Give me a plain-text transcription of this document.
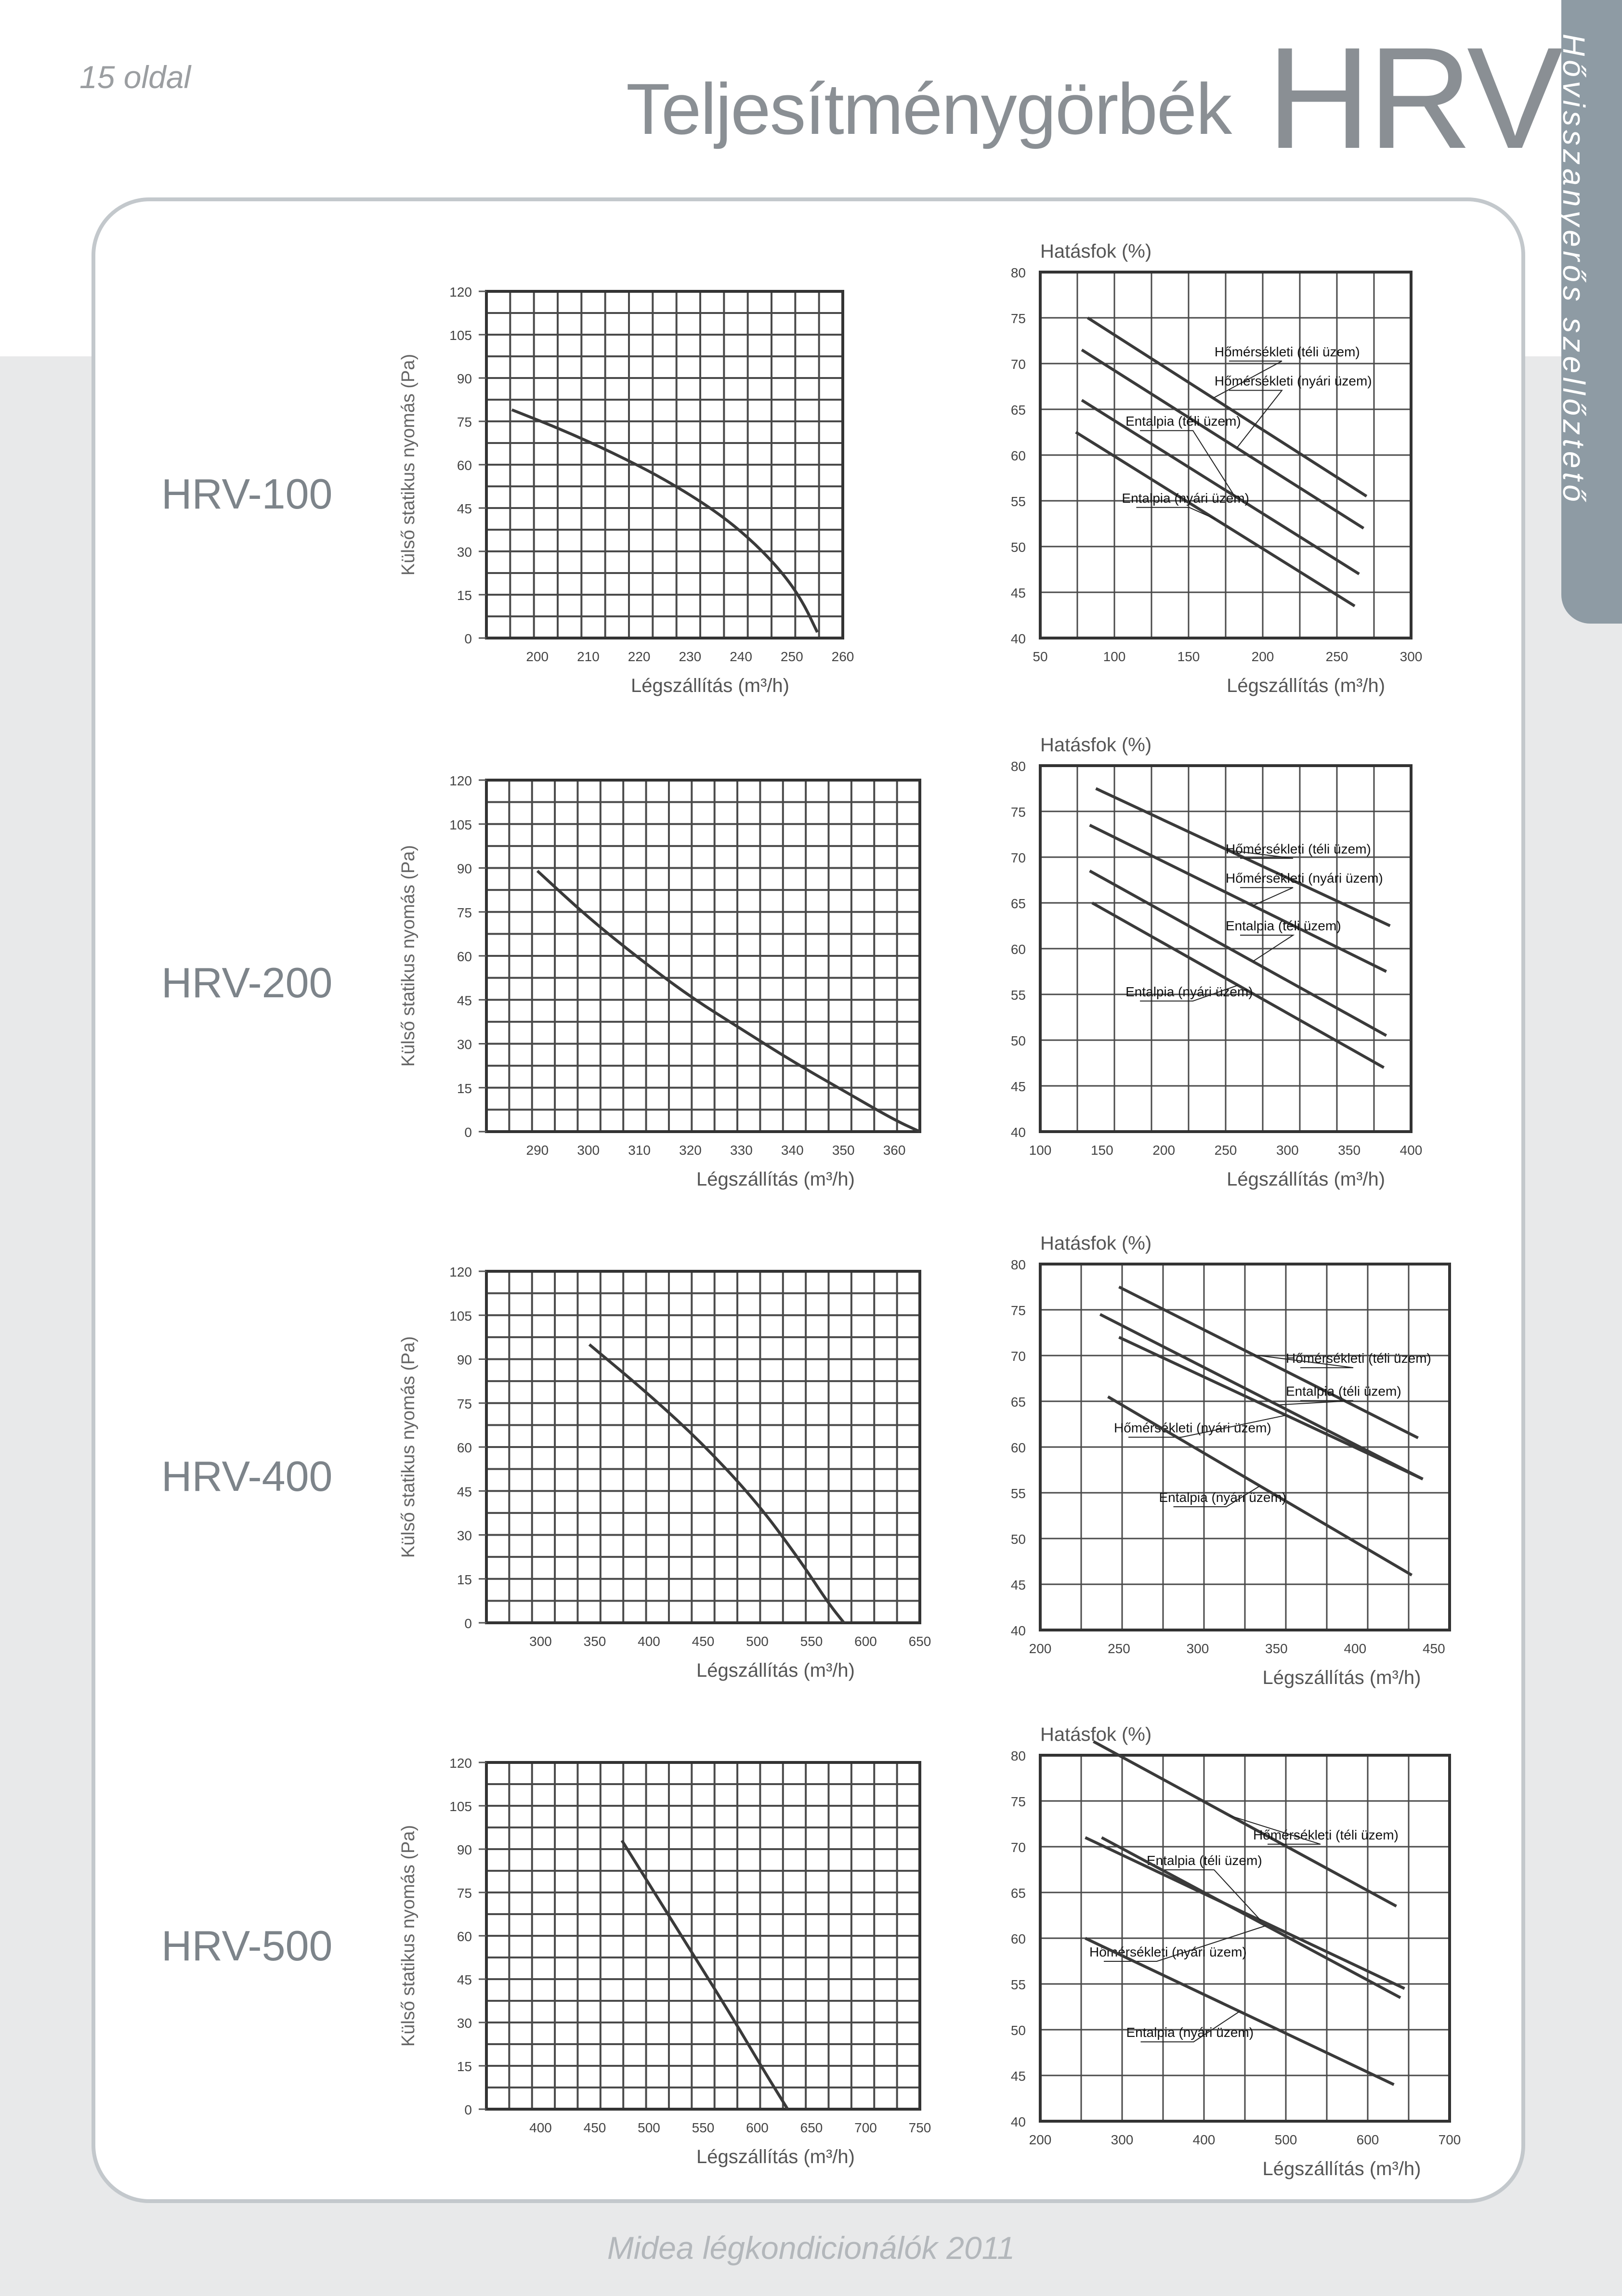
15 oldal	Teljesítménygörbék HRV
Hővisszanyerős szellőztető
HRV-100
HRV-200
HRV-400
HRV-500
Midea légkondicionálók 2011
0
15
30
45
60
75
90
105
120
200 210 220 230 240 250 260
Légszállítás (m³/h)
Külső statikus nyomás (Pa)
40
45
50
55
60
65
70
75
80
50	100	150	200	250	300
Légszállítás (m³/h)
Hatásfok (%)
Hőmérsékleti (téli üzem)
Hőmérsékleti (nyári üzem)
Entalpia (téli üzem)
Entalpia (nyári üzem)
0
15
30
45
60
75
90
105
120
290 300 310 320 330 340 350 360
Légszállítás (m³/h)
Külső statikus nyomás (Pa)
40
45
50
55
60
65
70
75
80
100	150	200	250	300	350	400
Légszállítás (m³/h)
Hatásfok (%)
Hőmérsékleti (téli üzem)
Hőmérsékleti (nyári üzem)
Entalpia (téli üzem)
Entalpia (nyári üzem)
0
15
30
45
60
75
90
105
120
300 350 400 450 500 550 600 650
Légszállítás (m³/h)
Külső statikus nyomás (Pa)
40
45
50
55
60
65
70
75
80
200	250	300	350	400	450
Légszállítás (m³/h)
Hatásfok (%)
Hőmérsékleti (téli üzem)
Entalpia (téli üzem)
Hőmérsékleti (nyári üzem)
Entalpia (nyári üzem)
0
15
30
45
60
75
90
105
120
400 450 500 550 600 650 700 750
Légszállítás (m³/h)
Külső statikus nyomás (Pa)
40
45
50
55
60
65
70
75
80
200	300	400	500	600	700
Légszállítás (m³/h)
Hatásfok (%)
Hőmérsékleti (téli üzem)
Entalpia (téli üzem)
Hőmérsékleti (nyári üzem)
Entalpia (nyári üzem)
